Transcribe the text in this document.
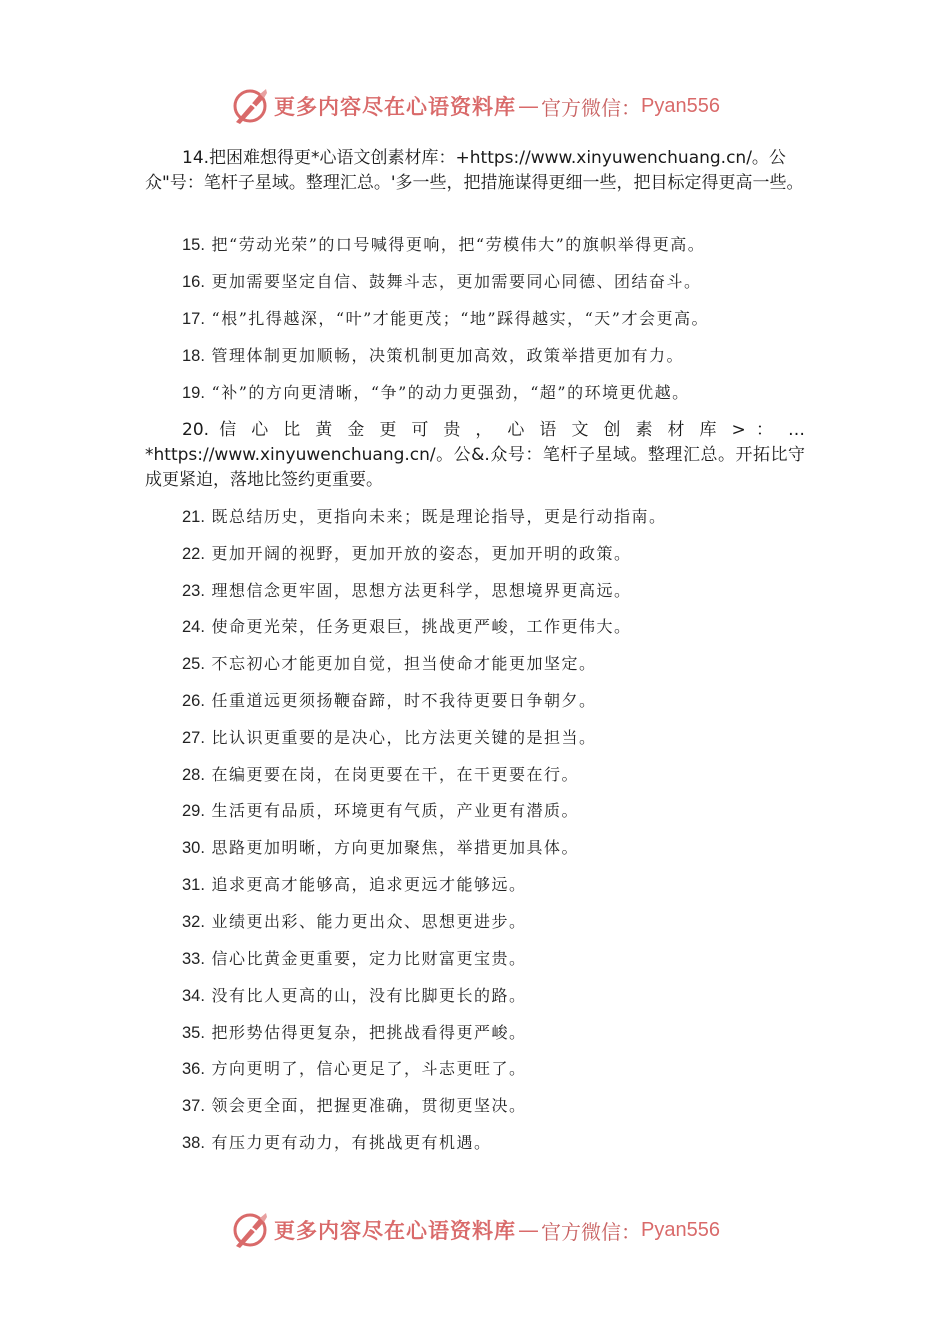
更多内容尽在心语资料库 — 官方微信： Pyan556
14.把困难想得更*心语文创素材库：+https://www.xinyuwenchuang.cn/。公众"号：笔杆子星域。整理汇总。'多一些，把措施谋得更细一些，把目标定得更高一些。
15. 把“劳动光荣”的口号喊得更响，把“劳模伟大”的旗帜举得更高。
16. 更加需要坚定自信、鼓舞斗志，更加需要同心同德、团结奋斗。
17. “根”扎得越深，“叶”才能更茂；“地”踩得越实，“天”才会更高。
18. 管理体制更加顺畅，决策机制更加高效，政策举措更加有力。
19. “补”的方向更清晰，“争”的动力更强劲，“超”的环境更优越。
20. 信 心 比 黄 金 更 可 贵 ， 心 语 文 创 素 材 库 > ： … *https://www.xinyuwenchuang.cn/。公&.众号：笔杆子星域。整理汇总。开拓比守成更紧迫，落地比签约更重要。
21. 既总结历史，更指向未来；既是理论指导，更是行动指南。
22. 更加开阔的视野，更加开放的姿态，更加开明的政策。
23. 理想信念更牢固，思想方法更科学，思想境界更高远。
24. 使命更光荣，任务更艰巨，挑战更严峻，工作更伟大。
25. 不忘初心才能更加自觉，担当使命才能更加坚定。
26. 任重道远更须扬鞭奋蹄，时不我待更要日争朝夕。
27. 比认识更重要的是决心，比方法更关键的是担当。
28. 在编更要在岗，在岗更要在干，在干更要在行。
29. 生活更有品质，环境更有气质，产业更有潜质。
30. 思路更加明晰，方向更加聚焦，举措更加具体。
31. 追求更高才能够高，追求更远才能够远。
32. 业绩更出彩、能力更出众、思想更进步。
33. 信心比黄金更重要，定力比财富更宝贵。
34. 没有比人更高的山，没有比脚更长的路。
35. 把形势估得更复杂，把挑战看得更严峻。
36. 方向更明了，信心更足了，斗志更旺了。
37. 领会更全面，把握更准确，贯彻更坚决。
38. 有压力更有动力，有挑战更有机遇。
更多内容尽在心语资料库 — 官方微信： Pyan556
